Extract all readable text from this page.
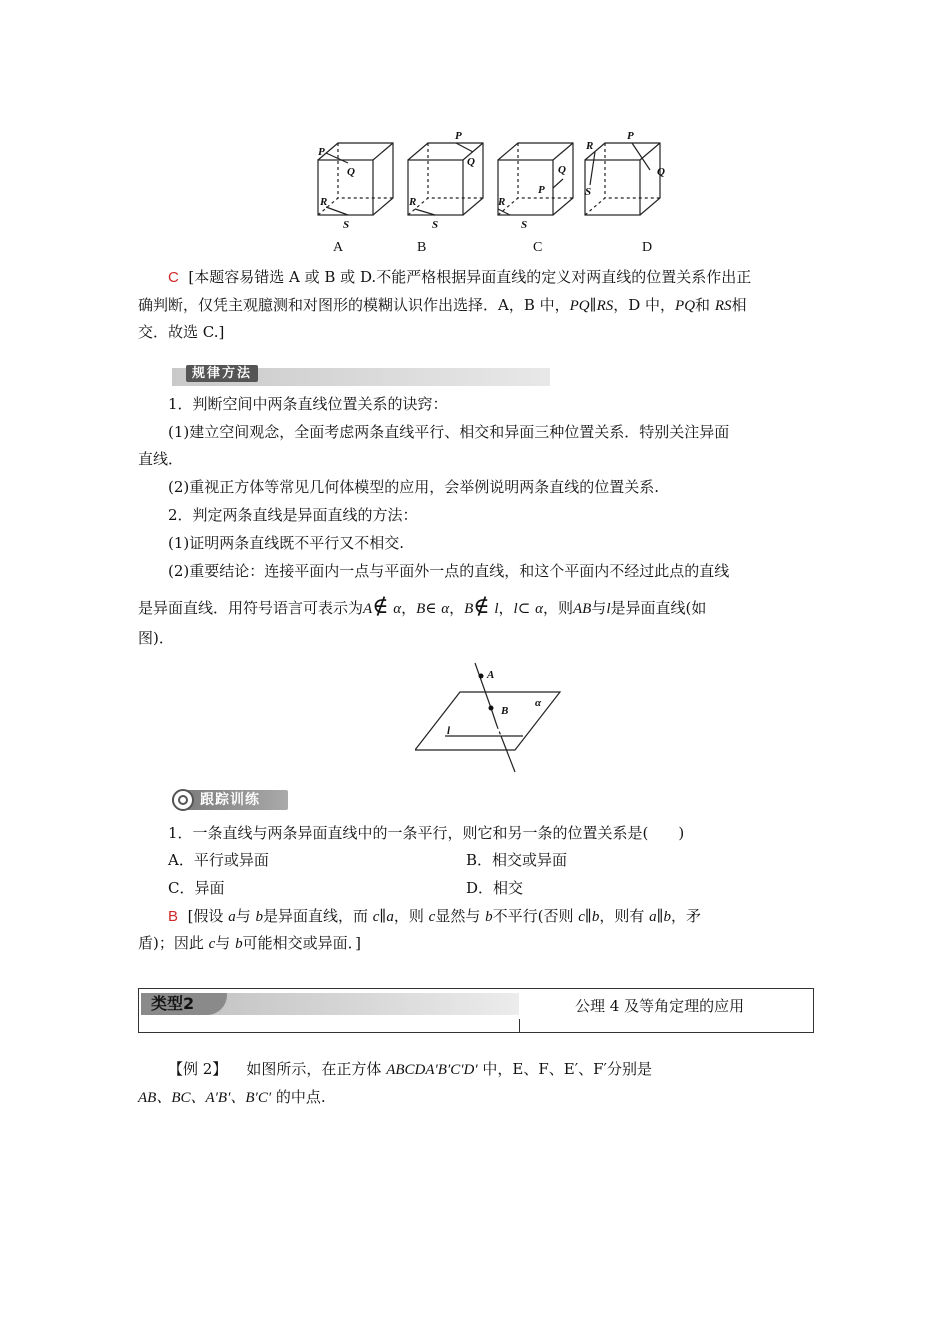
P
Q
R
S
P
Q
R
S
Q
P
R
S
R
P
Q
S
A	B	C	D
C [本题容易错选 A 或 B 或 D.不能严格根据异面直线的定义对两直线的位置关系作出正
确判断，仅凭主观臆测和对图形的模糊认识作出选择．A，B 中，PQ∥RS，D 中，PQ和 RS相
交．故选 C.]
规律方法
1．判断空间中两条直线位置关系的诀窍：
(1)建立空间观念，全面考虑两条直线平行、相交和异面三种位置关系．特别关注异面
直线．
(2)重视正方体等常见几何体模型的应用，会举例说明两条直线的位置关系.
2．判定两条直线是异面直线的方法：
(1)证明两条直线既不平行又不相交.
(2)重要结论：连接平面内一点与平面外一点的直线，和这个平面内不经过此点的直线
是异面直线．用符号语言可表示为A∉ α，B∈ α，B∉ l，l⊂ α，则AB与l是异面直线(如
图)．
A
B
α
l
跟踪训练
1．一条直线与两条异面直线中的一条平行，则它和另一条的位置关系是(　　)
A．平行或异面	B．相交或异面
C．异面	D．相交
B [假设 a与 b是异面直线，而 c∥a，则 c显然与 b不平行(否则 c∥b，则有 a∥b，矛
盾)；因此 c与 b可能相交或异面．]
类型2	公理 4 及等角定理的应用
【例 2】 如图所示，在正方体 ABCDA′B′C′D′ 中，E、F、E′、F′分别是
AB、BC、A′B′、B′C′ 的中点.
